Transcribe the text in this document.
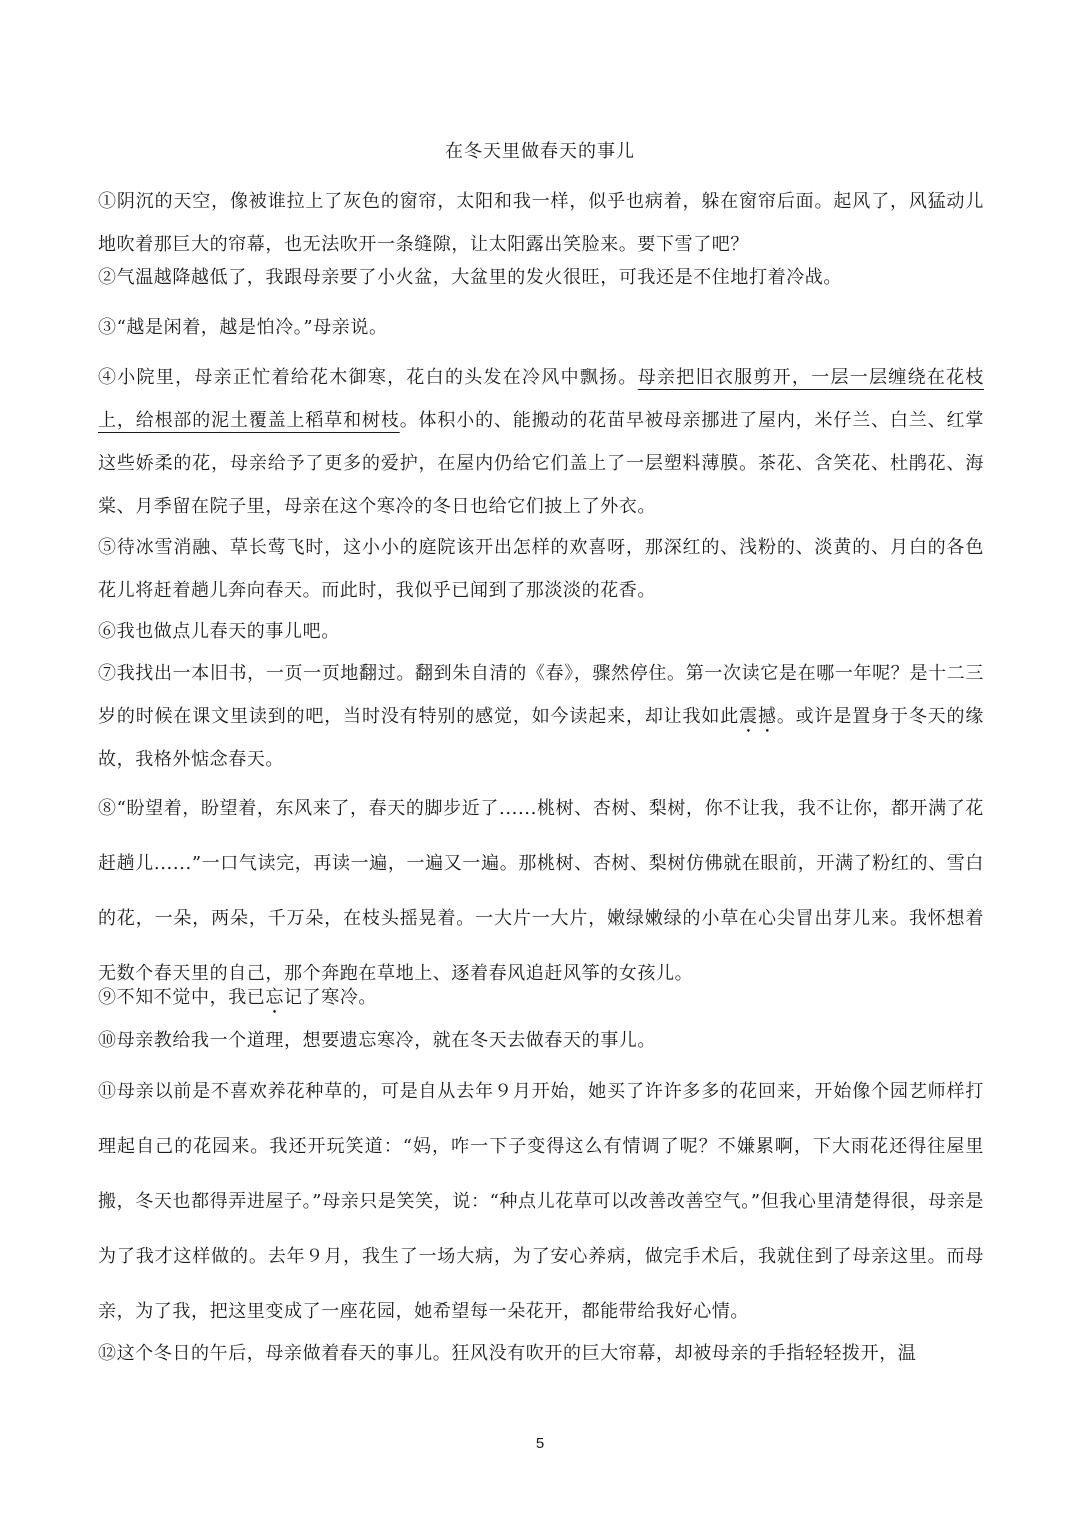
在冬天里做春天的事儿

①阴沉的天空，像被谁拉上了灰色的窗帘，太阳和我一样，似乎也病着，躲在窗帘后面。起风了，风猛动儿地吹着那巨大的帘幕，也无法吹开一条缝隙，让太阳露出笑脸来。要下雪了吧？

②气温越降越低了，我跟母亲要了小火盆，大盆里的发火很旺，可我还是不住地打着冷战。

③“越是闲着，越是怕冷。”母亲说。

④小院里，母亲正忙着给花木御寒，花白的头发在冷风中飘扬。母亲把旧衣服剪开，一层一层缠绕在花枝上，给根部的泥土覆盖上稻草和树枝。体积小的、能搬动的花苗早被母亲挪进了屋内，米仔兰、白兰、红掌这些娇柔的花，母亲给予了更多的爱护，在屋内仍给它们盖上了一层塑料薄膜。茶花、含笑花、杜鹃花、海棠、月季留在院子里，母亲在这个寒冷的冬日也给它们披上了外衣。

⑤待冰雪消融、草长莺飞时，这小小的庭院该开出怎样的欢喜呀，那深红的、浅粉的、淡黄的、月白的各色花儿将赶着趟儿奔向春天。而此时，我似乎已闻到了那淡淡的花香。

⑥我也做点儿春天的事儿吧。

⑦我找出一本旧书，一页一页地翻过。翻到朱自清的《春》，骤然停住。第一次读它是在哪一年呢？是十二三岁的时候在课文里读到的吧，当时没有特别的感觉，如今读起来，却让我如此震撼。或许是置身于冬天的缘故，我格外惦念春天。

⑧“盼望着，盼望着，东风来了，春天的脚步近了......桃树、杏树、梨树，你不让我，我不让你，都开满了花赶趟儿......”一口气读完，再读一遍，一遍又一遍。那桃树、杏树、梨树仿佛就在眼前，开满了粉红的、雪白的花，一朵，两朵，千万朵，在枝头摇晃着。一大片一大片，嫩绿嫩绿的小草在心尖冒出芽儿来。我怀想着无数个春天里的自己，那个奔跑在草地上、逐着春风追赶风筝的女孩儿。

⑨不知不觉中，我已忘记了寒冷。

⑩母亲教给我一个道理，想要遗忘寒冷，就在冬天去做春天的事儿。

⑪母亲以前是不喜欢养花种草的，可是自从去年９月开始，她买了许许多多的花回来，开始像个园艺师样打理起自己的花园来。我还开玩笑道：“妈，咋一下子变得这么有情调了呢？不嫌累啊，下大雨花还得往屋里搬，冬天也都得弄进屋子。”母亲只是笑笑，说：“种点儿花草可以改善改善空气。”但我心里清楚得很，母亲是为了我才这样做的。去年９月，我生了一场大病，为了安心养病，做完手术后，我就住到了母亲这里。而母亲，为了我，把这里变成了一座花园，她希望每一朵花开，都能带给我好心情。

⑫这个冬日的午后，母亲做着春天的事儿。狂风没有吹开的巨大帘幕，却被母亲的手指轻轻拨开，温

5
